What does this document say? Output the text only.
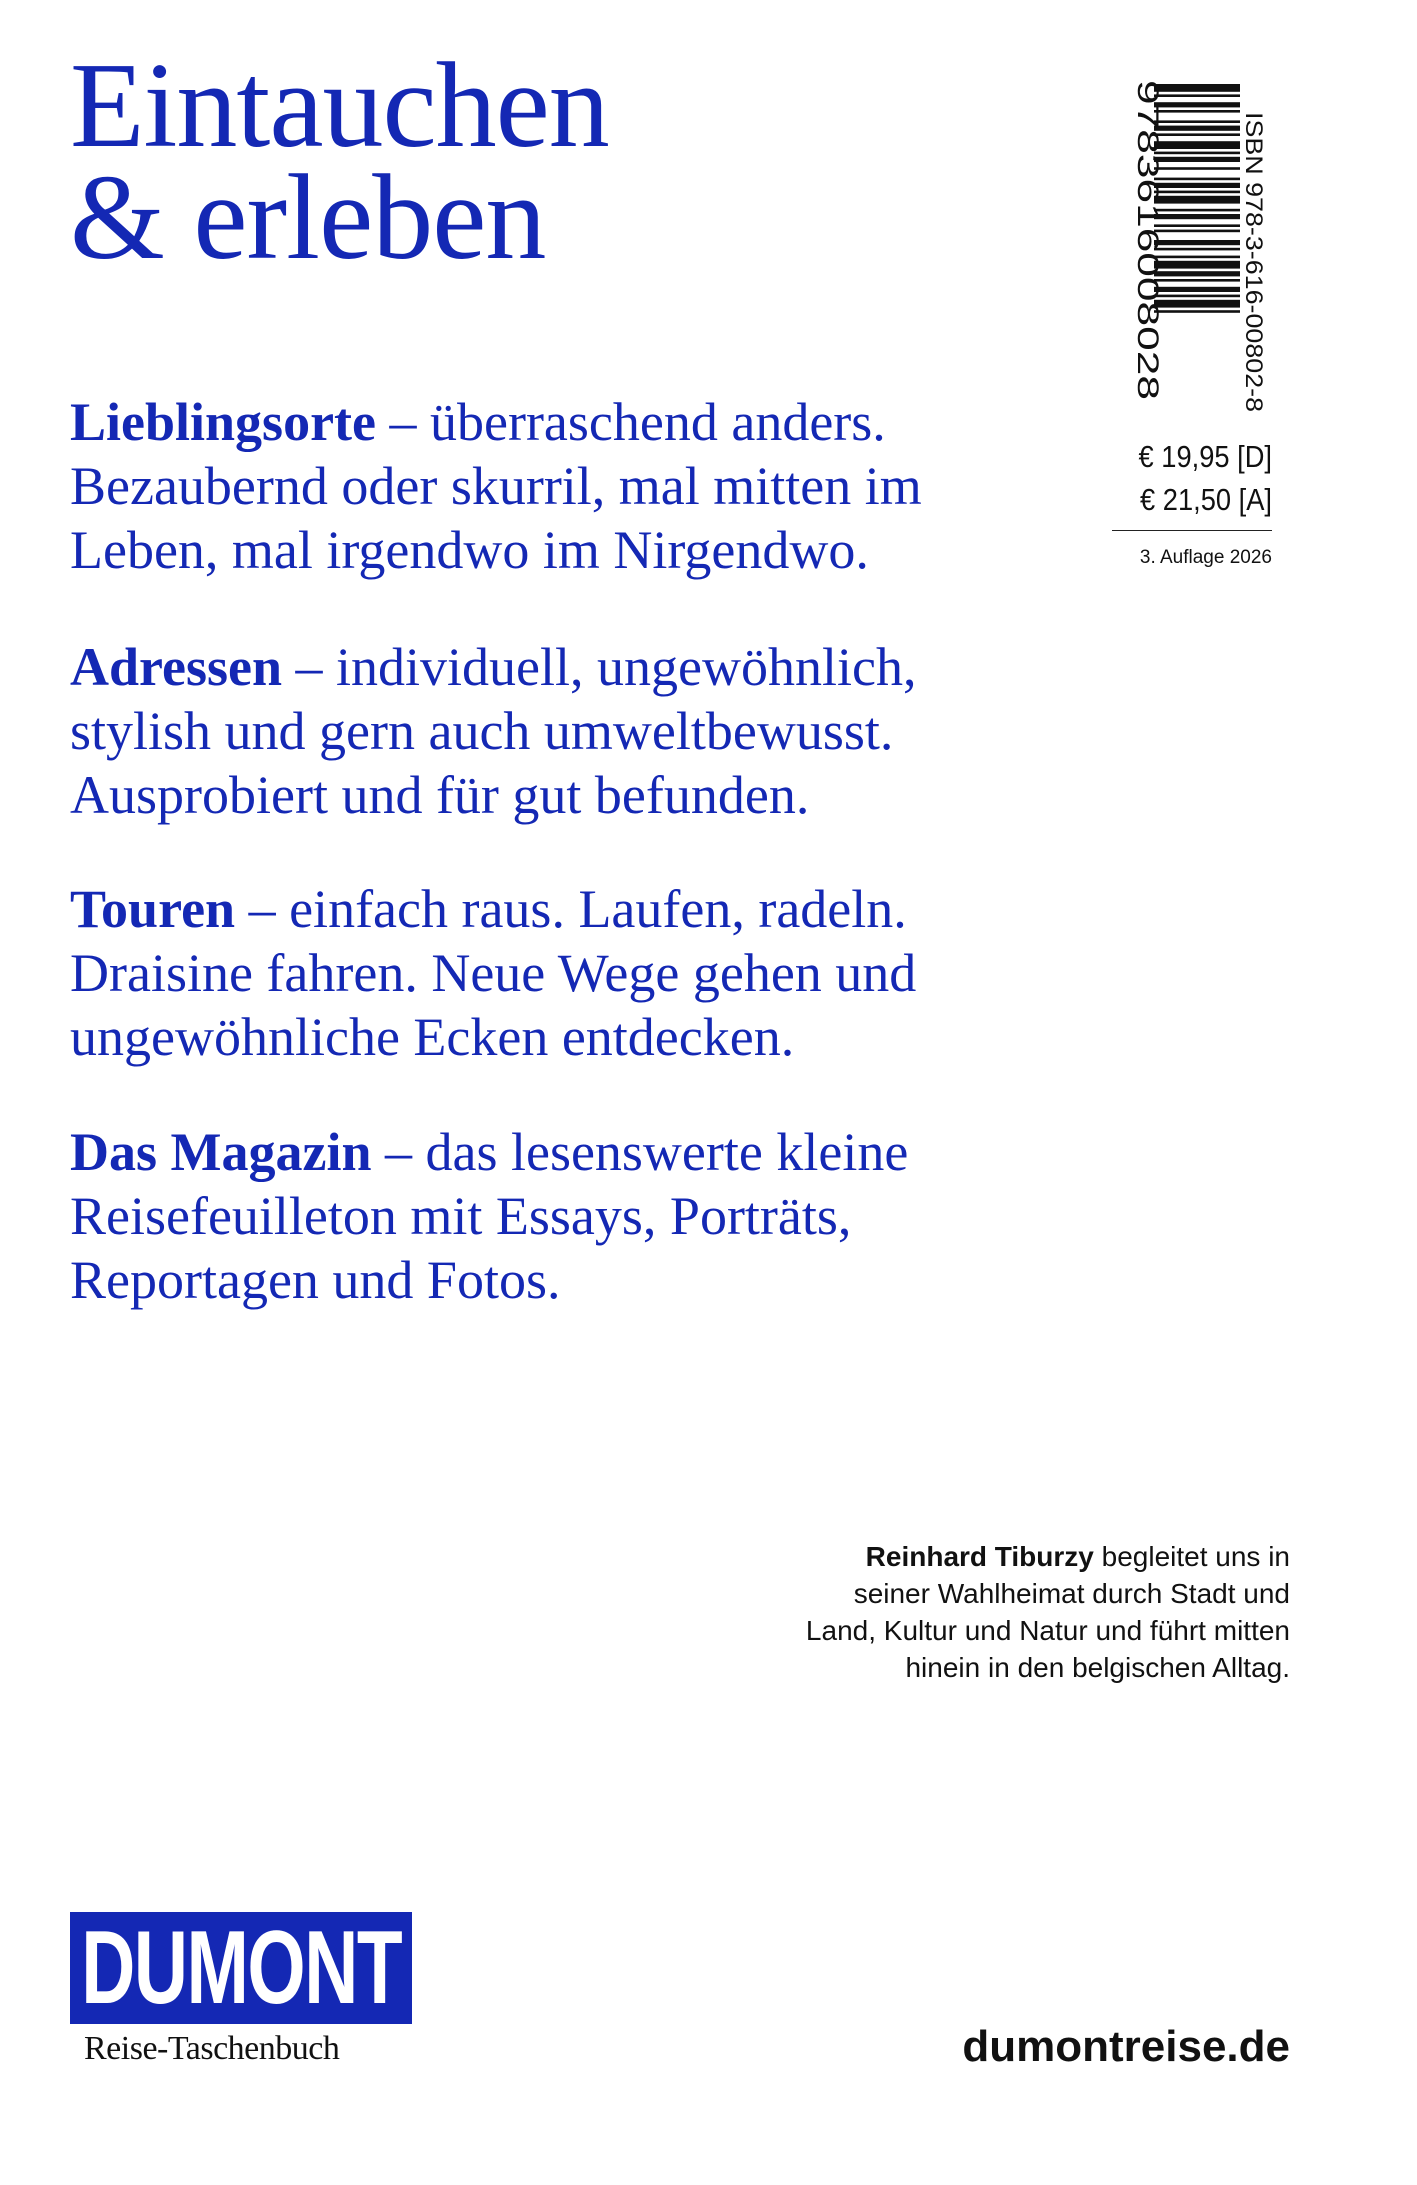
Eintauchen
& erleben

Lieblingsorte – überraschend anders. Bezaubernd oder skurril, mal mitten im Leben, mal irgendwo im Nirgendwo.

Adressen – individuell, ungewöhnlich, stylish und gern auch umweltbewusst. Ausprobiert und für gut befunden.

Touren – einfach raus. Laufen, radeln. Draisine fahren. Neue Wege gehen und ungewöhnliche Ecken entdecken.

Das Magazin – das lesenswerte kleine Reisefeuilleton mit Essays, Porträts, Reportagen und Fotos.

9783616008028	ISBN 978-3-616-00802-8
€ 19,95 [D]
€ 21,50 [A]
3. Auflage 2026

Reinhard Tiburzy begleitet uns in seiner Wahlheimat durch Stadt und Land, Kultur und Natur und führt mitten hinein in den belgischen Alltag.

DUMONT
Reise-Taschenbuch	dumontreise.de
